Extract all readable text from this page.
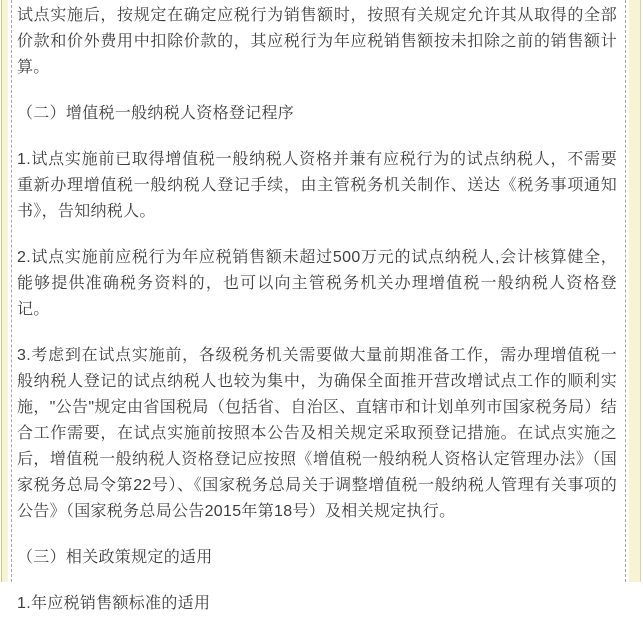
试点实施后，按规定在确定应税行为销售额时，按照有关规定允许其从取得的全部价款和价外费用中扣除价款的，其应税行为年应税销售额按未扣除之前的销售额计算。

（二）增值税一般纳税人资格登记程序

1.试点实施前已取得增值税一般纳税人资格并兼有应税行为的试点纳税人，不需要重新办理增值税一般纳税人登记手续，由主管税务机关制作、送达《税务事项通知书》，告知纳税人。

2.试点实施前应税行为年应税销售额未超过500万元的试点纳税人,会计核算健全，能够提供准确税务资料的，也可以向主管税务机关办理增值税一般纳税人资格登记。

3.考虑到在试点实施前，各级税务机关需要做大量前期准备工作，需办理增值税一般纳税人登记的试点纳税人也较为集中，为确保全面推开营改增试点工作的顺利实施，"公告"规定由省国税局（包括省、自治区、直辖市和计划单列市国家税务局）结合工作需要，在试点实施前按照本公告及相关规定采取预登记措施。在试点实施之后，增值税一般纳税人资格登记应按照《增值税一般纳税人资格认定管理办法》（国家税务总局令第22号）、《国家税务总局关于调整增值税一般纳税人管理有关事项的公告》（国家税务总局公告2015年第18号）及相关规定执行。

（三）相关政策规定的适用

1.年应税销售额标准的适用
